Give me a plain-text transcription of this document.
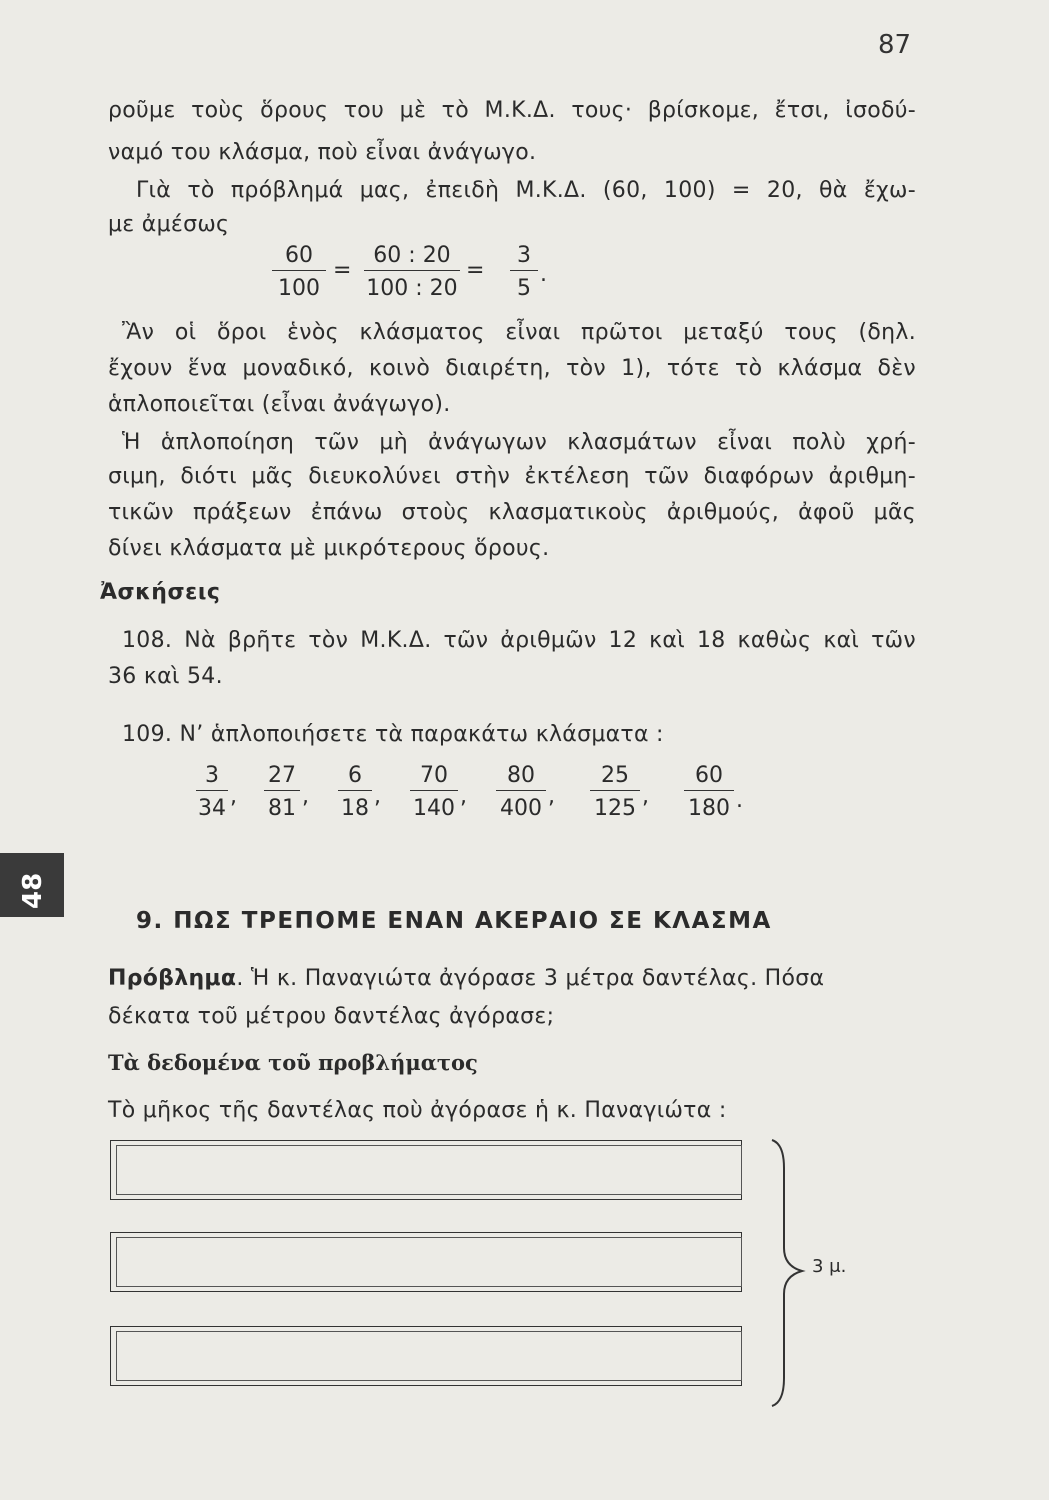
87
ροῦμε τοὺς ὅρους του μὲ τὸ Μ.Κ.Δ. τους· βρίσκομε, ἔτσι, ἰσοδύ-
ναμό του κλάσμα, ποὺ εἶναι ἀνάγωγο.
Γιὰ τὸ πρόβλημά μας, ἐπειδὴ Μ.Κ.Δ. (60, 100) = 20, θὰ ἔχω-
με ἀμέσως
$\frac{60}{100} = \frac{60 : 20}{100 : 20} = \frac{3}{5}$ .
Ἂν οἱ ὅροι ἑνὸς κλάσματος εἶναι πρῶτοι μεταξύ τους (δηλ.
ἔχουν ἕνα μοναδικό, κοινὸ διαιρέτη, τὸν 1), τότε τὸ κλάσμα δὲν
ἁπλοποιεῖται (εἶναι ἀνάγωγο).
Ἡ ἁπλοποίηση τῶν μὴ ἀνάγωγων κλασμάτων εἶναι πολὺ χρή-
σιμη, διότι μᾶς διευκολύνει στὴν ἐκτέλεση τῶν διαφόρων ἀριθμη-
τικῶν πράξεων ἐπάνω στοὺς κλασματικοὺς ἀριθμούς, ἀφοῦ μᾶς
δίνει κλάσματα μὲ μικρότερους ὅρους.
Ἀσκήσεις
108. Νὰ βρῆτε τὸν Μ.Κ.Δ. τῶν ἀριθμῶν 12 καὶ 18 καθὼς καὶ τῶν
36 καὶ 54.
109. Ν’ ἁπλοποιήσετε τὰ παρακάτω κλάσματα :
$\frac{3}{34}$ , $\frac{27}{81}$ , $\frac{6}{18}$ , $\frac{70}{140}$ , $\frac{80}{400}$ , $\frac{25}{125}$ , $\frac{60}{180}$ .
48
9. ΠΩΣ ΤΡΕΠΟΜΕ ΕΝΑΝ ΑΚΕΡΑΙΟ ΣΕ ΚΛΑΣΜΑ
Πρόβλημα. Ἡ κ. Παναγιώτα ἀγόρασε 3 μέτρα δαντέλας. Πόσα
δέκατα τοῦ μέτρου δαντέλας ἀγόρασε;
Τὰ δεδομένα τοῦ προβλήματος
Τὸ μῆκος τῆς δαντέλας ποὺ ἀγόρασε ἡ κ. Παναγιώτα :
3 μ.
